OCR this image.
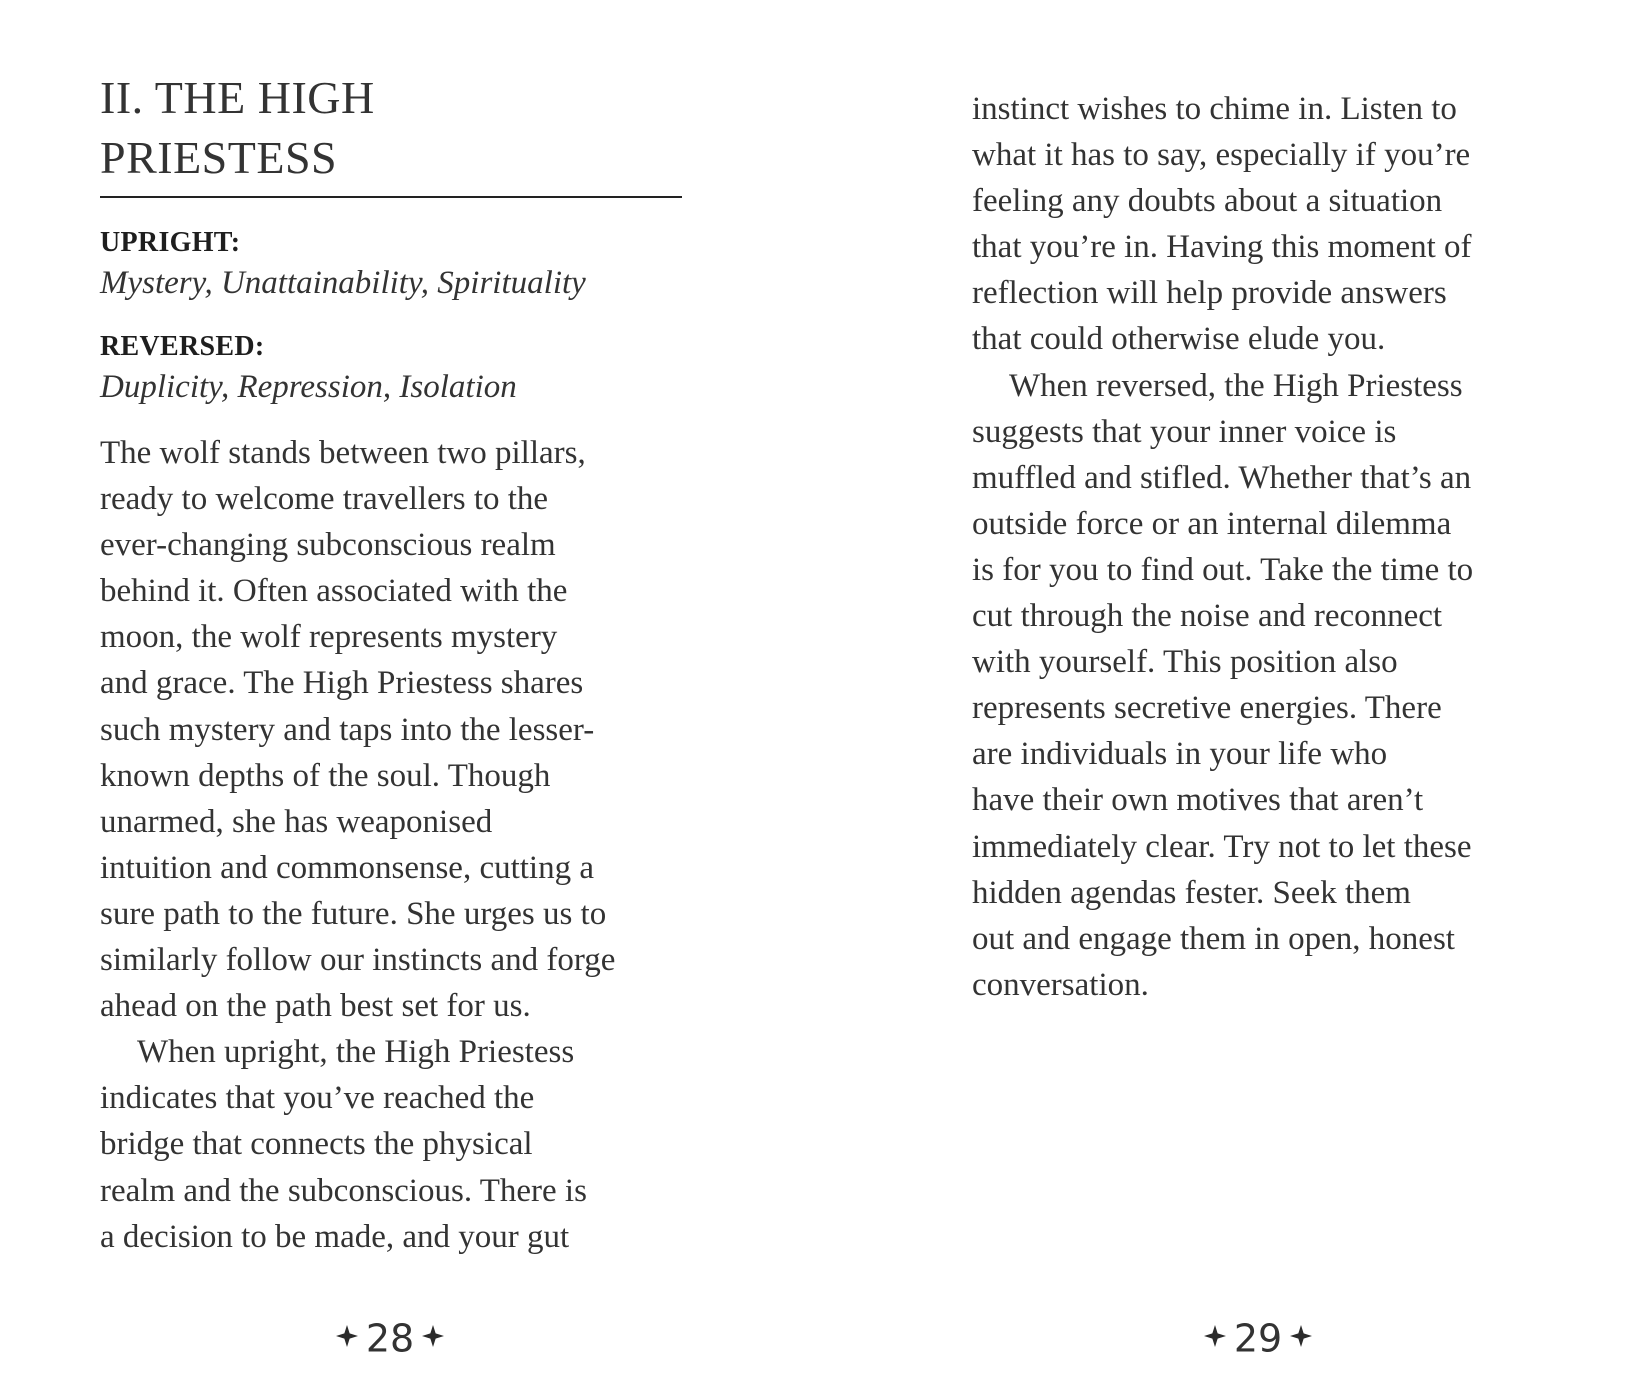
II. THE HIGH
PRIESTESS
UPRIGHT:
Mystery, Unattainability, Spirituality
REVERSED:
Duplicity, Repression, Isolation
The wolf stands between two pillars,
ready to welcome travellers to the
ever-changing subconscious realm
behind it. Often associated with the
moon, the wolf represents mystery
and grace. The High Priestess shares
such mystery and taps into the lesser-
known depths of the soul. Though
unarmed, she has weaponised
intuition and commonsense, cutting a
sure path to the future. She urges us to
similarly follow our instincts and forge
ahead on the path best set for us.
When upright, the High Priestess
indicates that you’ve reached the
bridge that connects the physical
realm and the subconscious. There is
a decision to be made, and your gut
28
instinct wishes to chime in. Listen to
what it has to say, especially if you’re
feeling any doubts about a situation
that you’re in. Having this moment of
reflection will help provide answers
that could otherwise elude you.
When reversed, the High Priestess
suggests that your inner voice is
muffled and stifled. Whether that’s an
outside force or an internal dilemma
is for you to find out. Take the time to
cut through the noise and reconnect
with yourself. This position also
represents secretive energies. There
are individuals in your life who
have their own motives that aren’t
immediately clear. Try not to let these
hidden agendas fester. Seek them
out and engage them in open, honest
conversation.
29
